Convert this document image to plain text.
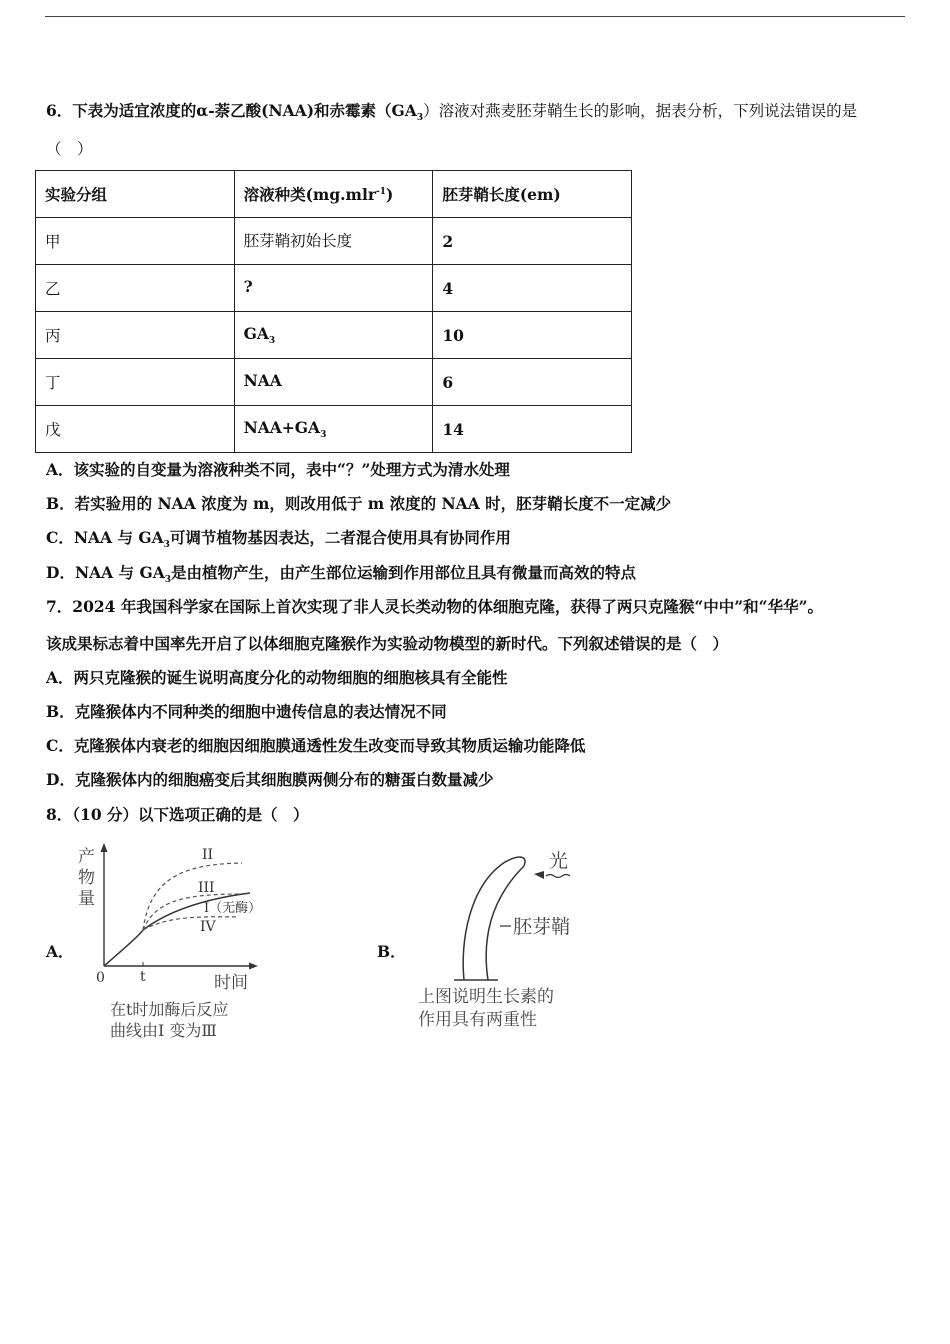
6．下表为适宜浓度的α-萘乙酸(NAA)和赤霉素$(GA_3)$溶液对燕麦胚芽鞘生长的影响，据表分析，下列说法错误的是
（　）
实验分组	溶液种类(mg.mlr$^{-1}$)	胚芽鞘长度(em)
甲	胚芽鞘初始长度	2
乙	?	4
丙	$GA_3$	10
丁	NAA	6
戊	$NAA+GA_3$	14
A．该实验的自变量为溶液种类不同，表中“？”处理方式为清水处理
B．若实验用的 NAA 浓度为 m，则改用低于 m 浓度的 NAA 时，胚芽鞘长度不一定减少
C．NAA 与 $GA_3$可调节植物基因表达，二者混合使用具有协同作用
D．NAA 与 $GA_3$是由植物产生，由产生部位运输到作用部位且具有微量而高效的特点
7．2024 年我国科学家在国际上首次实现了非人灵长类动物的体细胞克隆，获得了两只克隆猴“中中”和“华华”。
该成果标志着中国率先开启了以体细胞克隆猴作为实验动物模型的新时代。下列叙述错误的是（　）
A．两只克隆猴的诞生说明高度分化的动物细胞的细胞核具有全能性
B．克隆猴体内不同种类的细胞中遗传信息的表达情况不同
C．克隆猴体内衰老的细胞因细胞膜通透性发生改变而导致其物质运输功能降低
D．克隆猴体内的细胞癌变后其细胞膜两侧分布的糖蛋白数量减少
8．（10 分）以下选项正确的是（　）
A．	B．
产
物
量
0	t	时间
II
III
I（无酶）
IV
在t时加酶后反应
曲线由Ⅰ 变为Ⅲ
光
胚芽鞘
上图说明生长素的
作用具有两重性
